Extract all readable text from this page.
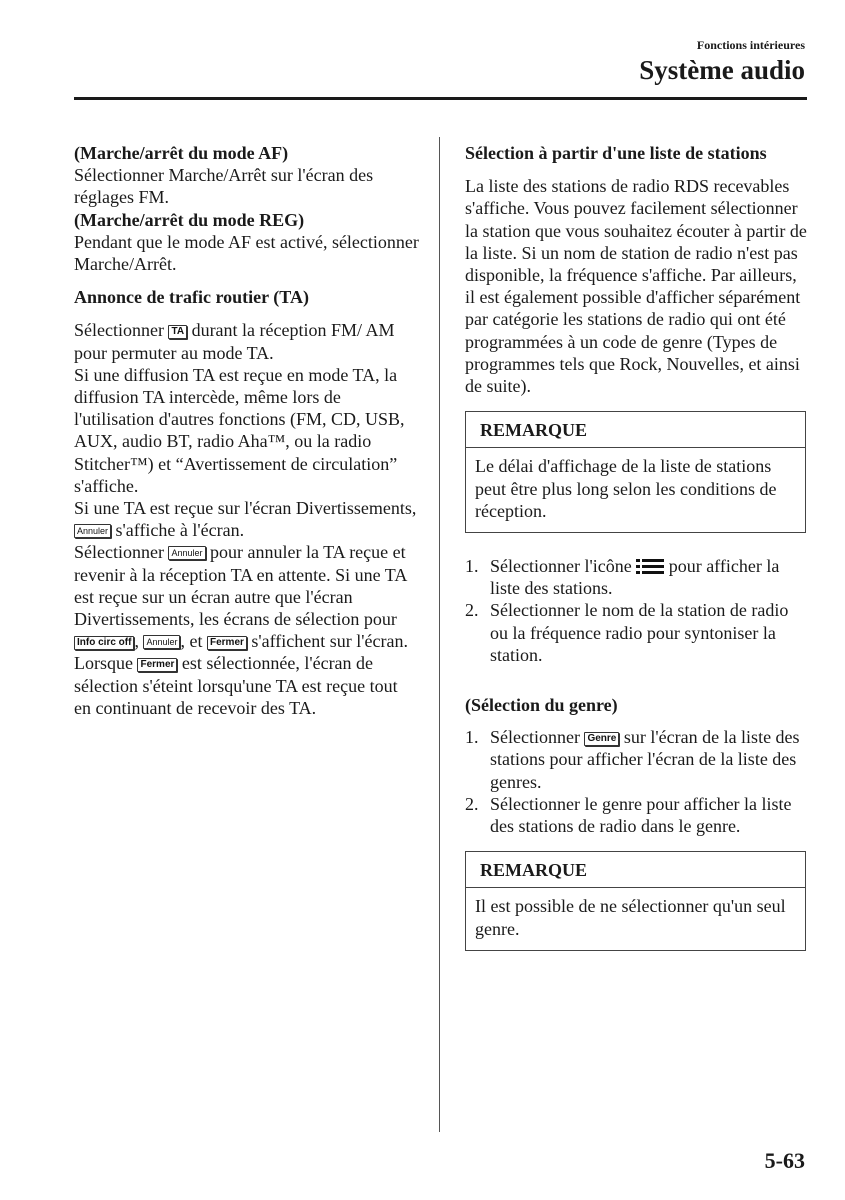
Fonctions intérieures
Système audio

(Marche/arrêt du mode AF)

Sélectionner Marche/Arrêt sur l'écran des réglages FM.

(Marche/arrêt du mode REG)

Pendant que le mode AF est activé, sélectionner Marche/Arrêt.

Annonce de trafic routier (TA)

Sélectionner TA durant la réception FM/ AM pour permuter au mode TA.

Si une diffusion TA est reçue en mode TA, la diffusion TA intercède, même lors de l'utilisation d'autres fonctions (FM, CD, USB, AUX, audio BT, radio Aha™, ou la radio Stitcher™) et “Avertissement de circulation” s'affiche.

Si une TA est reçue sur l'écran Divertissements, Annuler s'affiche à l'écran.

Sélectionner Annuler pour annuler la TA reçue et revenir à la réception TA en attente. Si une TA est reçue sur un écran autre que l'écran Divertissements, les écrans de sélection pour Info circ off , Annuler , et Fermer s'affichent sur l'écran. Lorsque Fermer est sélectionnée, l'écran de sélection s'éteint lorsqu'une TA est reçue tout en continuant de recevoir des TA.

Sélection à partir d'une liste de stations

La liste des stations de radio RDS recevables s'affiche. Vous pouvez facilement sélectionner la station que vous souhaitez écouter à partir de la liste. Si un nom de station de radio n'est pas disponible, la fréquence s'affiche. Par ailleurs, il est également possible d'afficher séparément par catégorie les stations de radio qui ont été programmées à un code de genre (Types de programmes tels que Rock, Nouvelles, et ainsi de suite).

REMARQUE
Le délai d'affichage de la liste de stations peut être plus long selon les conditions de réception.
1. Sélectionner l'icône  pour afficher la liste des stations.
2. Sélectionner le nom de la station de radio ou la fréquence radio pour syntoniser la station.

(Sélection du genre)

1. Sélectionner Genre sur l'écran de la liste des stations pour afficher l'écran de la liste des genres.
2. Sélectionner le genre pour afficher la liste des stations de radio dans le genre.
REMARQUE
Il est possible de ne sélectionner qu'un seul genre.
5-63
